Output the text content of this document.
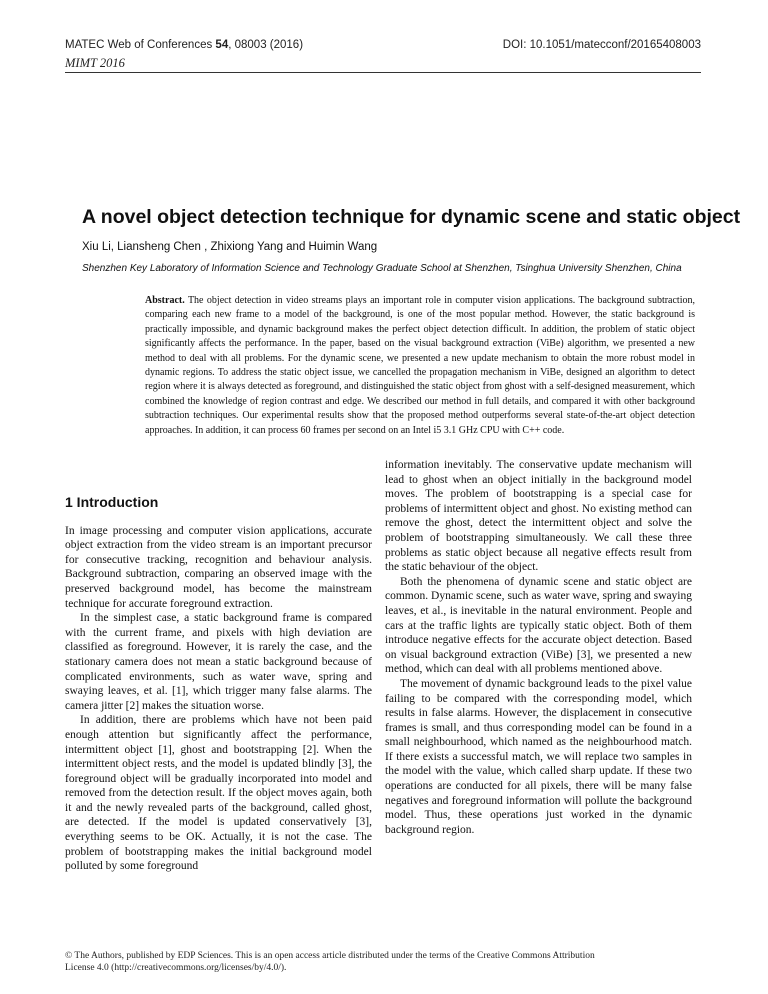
MATEC Web of Conferences 54, 08003 (2016)	DOI: 10.1051/matecconf/20165408003
MIMT 2016
A novel object detection technique for dynamic scene and static object
Xiu Li, Liansheng Chen , Zhixiong Yang and Huimin Wang
Shenzhen Key Laboratory of Information Science and Technology Graduate School at Shenzhen, Tsinghua University Shenzhen, China
Abstract. The object detection in video streams plays an important role in computer vision applications. The background subtraction, comparing each new frame to a model of the background, is one of the most popular method. However, the static background is practically impossible, and dynamic background makes the perfect object detection difficult. In addition, the problem of static object significantly affects the performance. In the paper, based on the visual background extraction (ViBe) algorithm, we presented a new method to deal with all problems. For the dynamic scene, we presented a new update mechanism to obtain the more robust model in dynamic regions. To address the static object issue, we cancelled the propagation mechanism in ViBe, designed an algorithm to detect region where it is always detected as foreground, and distinguished the static object from ghost with a self-designed measurement, which combined the knowledge of region contrast and edge. We described our method in full details, and compared it with other background subtraction techniques. Our experimental results show that the proposed method outperforms several state-of-the-art object detection approaches. In addition, it can process 60 frames per second on an Intel i5 3.1 GHz CPU with C++ code.
1 Introduction

In image processing and computer vision applications, accurate object extraction from the video stream is an important precursor for consecutive tracking, recognition and behaviour analysis. Background subtraction, comparing an observed image with the preserved background model, has become the mainstream technique for accurate foreground extraction.

In the simplest case, a static background frame is compared with the current frame, and pixels with high deviation are classified as foreground. However, it is rarely the case, and the stationary camera does not mean a static background because of complicated environments, such as water wave, spring and swaying leaves, et al. [1], which trigger many false alarms. The camera jitter [2] makes the situation worse.

In addition, there are problems which have not been paid enough attention but significantly affect the performance, intermittent object [1], ghost and bootstrapping [2]. When the intermittent object rests, and the model is updated blindly [3], the foreground object will be gradually incorporated into model and removed from the detection result. If the object moves again, both it and the newly revealed parts of the background, called ghost, are detected. If the model is updated conservatively [3], everything seems to be OK. Actually, it is not the case. The problem of bootstrapping makes the initial background model polluted by some foreground

information inevitably. The conservative update mechanism will lead to ghost when an object initially in the background model moves. The problem of bootstrapping is a special case for problems of intermittent object and ghost. No existing method can remove the ghost, detect the intermittent object and solve the problem of bootstrapping simultaneously. We call these three problems as static object because all negative effects result from the static behaviour of the object.

Both the phenomena of dynamic scene and static object are common. Dynamic scene, such as water wave, spring and swaying leaves, et al., is inevitable in the natural environment. People and cars at the traffic lights are typically static object. Both of them introduce negative effects for the accurate object detection. Based on visual background extraction (ViBe) [3], we presented a new method, which can deal with all problems mentioned above.

The movement of dynamic background leads to the pixel value failing to be compared with the corresponding model, which results in false alarms. However, the displacement in consecutive frames is small, and thus corresponding model can be found in a small neighbourhood, which named as the neighbourhood match. If there exists a successful match, we will replace two samples in the model with the value, which called sharp update. If these two operations are conducted for all pixels, there will be many false negatives and foreground information will pollute the background model. Thus, these operations just worked in the dynamic background region.

© The Authors, published by EDP Sciences. This is an open access article distributed under the terms of the Creative Commons Attribution
License 4.0 (http://creativecommons.org/licenses/by/4.0/).
